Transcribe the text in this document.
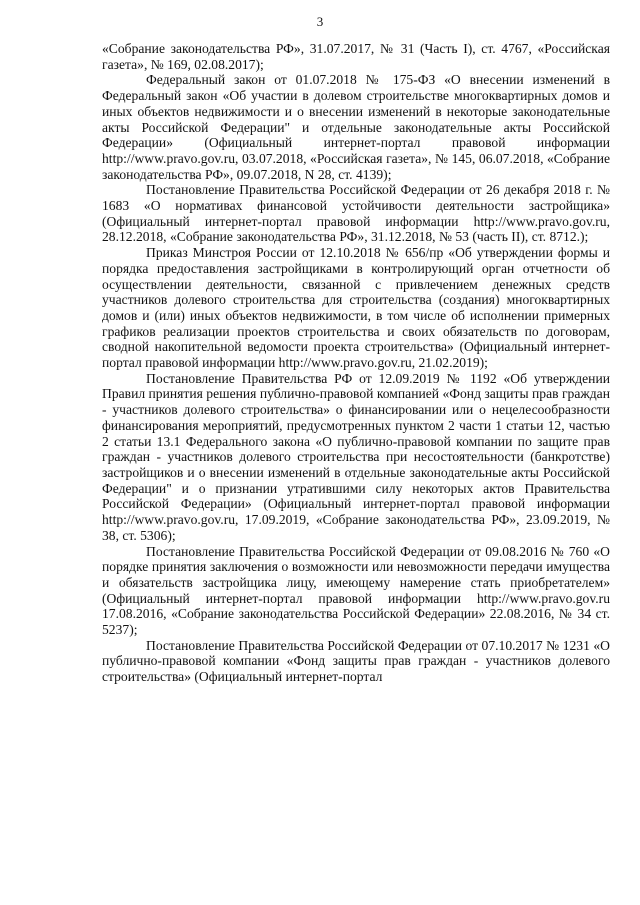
3

«Собрание законодательства РФ», 31.07.2017, № 31 (Часть I), ст. 4767, «Российская газета», № 169, 02.08.2017);

Федеральный закон от 01.07.2018 № 175-ФЗ «О внесении изменений в Федеральный закон «Об участии в долевом строительстве многоквартирных домов и иных объектов недвижимости и о внесении изменений в некоторые законодательные акты Российской Федерации" и отдельные законодательные акты Российской Федерации» (Официальный интернет-портал правовой информации http://www.pravo.gov.ru, 03.07.2018, «Российская газета», № 145, 06.07.2018, «Собрание законодательства РФ», 09.07.2018, N 28, ст. 4139);

Постановление Правительства Российской Федерации от 26 декабря 2018 г. № 1683 «О нормативах финансовой устойчивости деятельности застройщика» (Официальный интернет-портал правовой информации http://www.pravo.gov.ru, 28.12.2018, «Собрание законодательства РФ», 31.12.2018, № 53 (часть II), ст. 8712.);

Приказ Минстроя России от 12.10.2018 № 656/пр «Об утверждении формы и порядка предоставления застройщиками в контролирующий орган отчетности об осуществлении деятельности, связанной с привлечением денежных средств участников долевого строительства для строительства (создания) многоквартирных домов и (или) иных объектов недвижимости, в том числе об исполнении примерных графиков реализации проектов строительства и своих обязательств по договорам, сводной накопительной ведомости проекта строительства» (Официальный интернет-портал правовой информации http://www.pravo.gov.ru, 21.02.2019);

Постановление Правительства РФ от 12.09.2019 № 1192 «Об утверждении Правил принятия решения публично-правовой компанией «Фонд защиты прав граждан - участников долевого строительства» о финансировании или о нецелесообразности финансирования мероприятий, предусмотренных пунктом 2 части 1 статьи 12, частью 2 статьи 13.1 Федерального закона «О публично-правовой компании по защите прав граждан - участников долевого строительства при несостоятельности (банкротстве) застройщиков и о внесении изменений в отдельные законодательные акты Российской Федерации" и о признании утратившими силу некоторых актов Правительства Российской Федерации» (Официальный интернет-портал правовой информации http://www.pravo.gov.ru, 17.09.2019, «Собрание законодательства РФ», 23.09.2019, № 38, ст. 5306);

Постановление Правительства Российской Федерации от 09.08.2016 № 760 «О порядке принятия заключения о возможности или невозможности передачи имущества и обязательств застройщика лицу, имеющему намерение стать приобретателем» (Официальный интернет-портал правовой информации http://www.pravo.gov.ru 17.08.2016, «Собрание законодательства Российской Федерации» 22.08.2016, № 34 ст. 5237);

Постановление Правительства Российской Федерации от 07.10.2017 № 1231 «О публично-правовой компании «Фонд защиты прав граждан - участников долевого строительства» (Официальный интернет-портал
